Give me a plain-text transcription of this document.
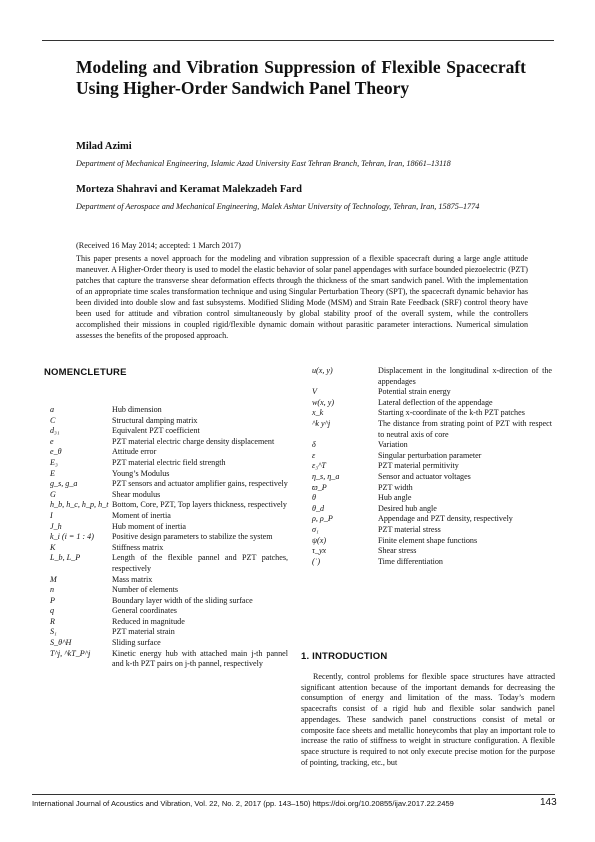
Modeling and Vibration Suppression of Flexible Spacecraft Using Higher-Order Sandwich Panel Theory
Milad Azimi
Department of Mechanical Engineering, Islamic Azad University East Tehran Branch, Tehran, Iran, 18661–13118
Morteza Shahravi and Keramat Malekzadeh Fard
Department of Aerospace and Mechanical Engineering, Malek Ashtar University of Technology, Tehran, Iran, 15875–1774
(Received 16 May 2014; accepted: 1 March 2017)
This paper presents a novel approach for the modeling and vibration suppression of a flexible spacecraft during a large angle attitude maneuver. A Higher-Order theory is used to model the elastic behavior of solar panel appendages with surface bounded piezoelectric (PZT) patches that capture the transverse shear deformation effects through the thickness of the smart sandwich panel. With the implementation of an appropriate time scales transformation technique and using Singular Perturbation Theory (SPT), the spacecraft dynamic behavior has been divided into double slow and fast subsystems. Modified Sliding Mode (MSM) and Strain Rate Feedback (SRF) control theory have been used for attitude and vibration control simultaneously by global stability proof of the overall system, while the controllers accomplished their missions in coupled rigid/flexible dynamic domain without parasitic parameter interactions. Numerical simulation assesses the benefits of the proposed approach.
NOMENCLETURE
a	Hub dimension
C	Structural damping matrix
d₃₁	Equivalent PZT coefficient
e	PZT material electric charge density displacement
e_θ	Attitude error
E₃	PZT material electric field strength
E	Young’s Modulus
g_s, g_a	PZT sensors and actuator amplifier gains, respectively
G	Shear modulus
h_b, h_c, h_p, h_t Bottom, Core, PZT, Top layers thickness, respectively
I	Moment of inertia
J_h	Hub moment of inertia
k_i (i = 1 : 4)	Positive design parameters to stabilize the system
K	Stiffness matrix
L_b, L_P	Length of the flexible pannel and PZT patches, respectively
M	Mass matrix
n	Number of elements
P	Boundary layer width of the sliding surface
q	General coordinates
R	Reduced in magnitude
S₁	PZT material strain
S_θ^H	Sliding surface
T^j, ^kT_P^j	Kinetic energy hub with attached main j-th pannel and k-th PZT pairs on j-th pannel, respectively
u(x, y)	Displacement in the longitudinal x-direction of the appendages
V	Potential strain energy
w(x, y)	Lateral deflection of the appendage
x_k	Starting x-coordinate of the k-th PZT patches
^k y^j	The distance from strating point of PZT with respect to neutral axis of core
δ	Variation
ε	Singular perturbation parameter
ε₃^T	PZT material permitivity
η_s, η_a	Sensor and actuator voltages
ϖ_P	PZT width
θ	Hub angle
θ_d	Desired hub angle
ρ, ρ_P	Appendage and PZT density, respectively
σ₁	PZT material stress
ψ(x)	Finite element shape functions
τ_yx	Shear stress
(˙)	Time differentiation
1. INTRODUCTION
Recently, control problems for flexible space structures have attracted significant attention because of the important demands for decreasing the consumption of energy and limitation of the mass. Today’s modern spacecrafts consist of a rigid hub and flexible solar sandwich panel appendages. These sandwich panel constructions consist of metal or composite face sheets and metallic honeycombs that play an important role to increase the ratio of stiffness to weight in structure configuration. A flexible space structure is required to not only execute precise motion for the purpose of pointing, tracking, etc., but
International Journal of Acoustics and Vibration, Vol. 22, No. 2, 2017 (pp. 143–150) https://doi.org/10.20855/ijav.2017.22.2459	143
